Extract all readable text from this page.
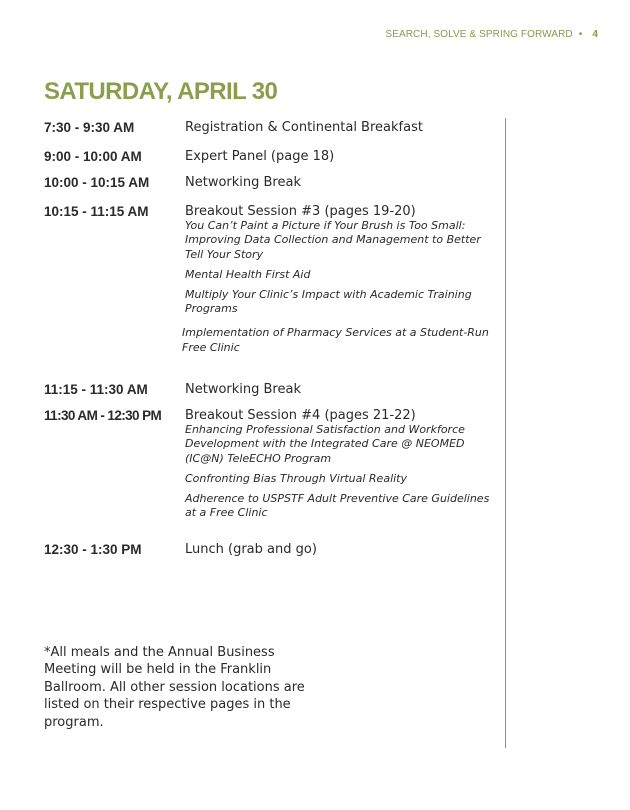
SEARCH, SOLVE & SPRING FORWARD • 4
SATURDAY, APRIL 30
7:30 - 9:30 AM	Registration & Continental Breakfast
9:00 - 10:00 AM	Expert Panel (page 18)
10:00 - 10:15 AM	Networking Break
10:15 - 11:15 AM	Breakout Session #3 (pages 19-20)
You Can’t Paint a Picture if Your Brush is Too Small: Improving Data Collection and Management to Better Tell Your Story
Mental Health First Aid
Multiply Your Clinic’s Impact with Academic Training Programs
Implementation of Pharmacy Services at a Student-Run Free Clinic
11:15 - 11:30 AM	Networking Break
11:30 AM - 12:30 PM Breakout Session #4 (pages 21-22)
Enhancing Professional Satisfaction and Workforce Development with the Integrated Care @ NEOMED (IC@N) TeleECHO Program
Confronting Bias Through Virtual Reality
Adherence to USPSTF Adult Preventive Care Guidelines at a Free Clinic
12:30 - 1:30 PM	Lunch (grab and go)
*All meals and the Annual Business Meeting will be held in the Franklin Ballroom. All other session locations are listed on their respective pages in the program.
